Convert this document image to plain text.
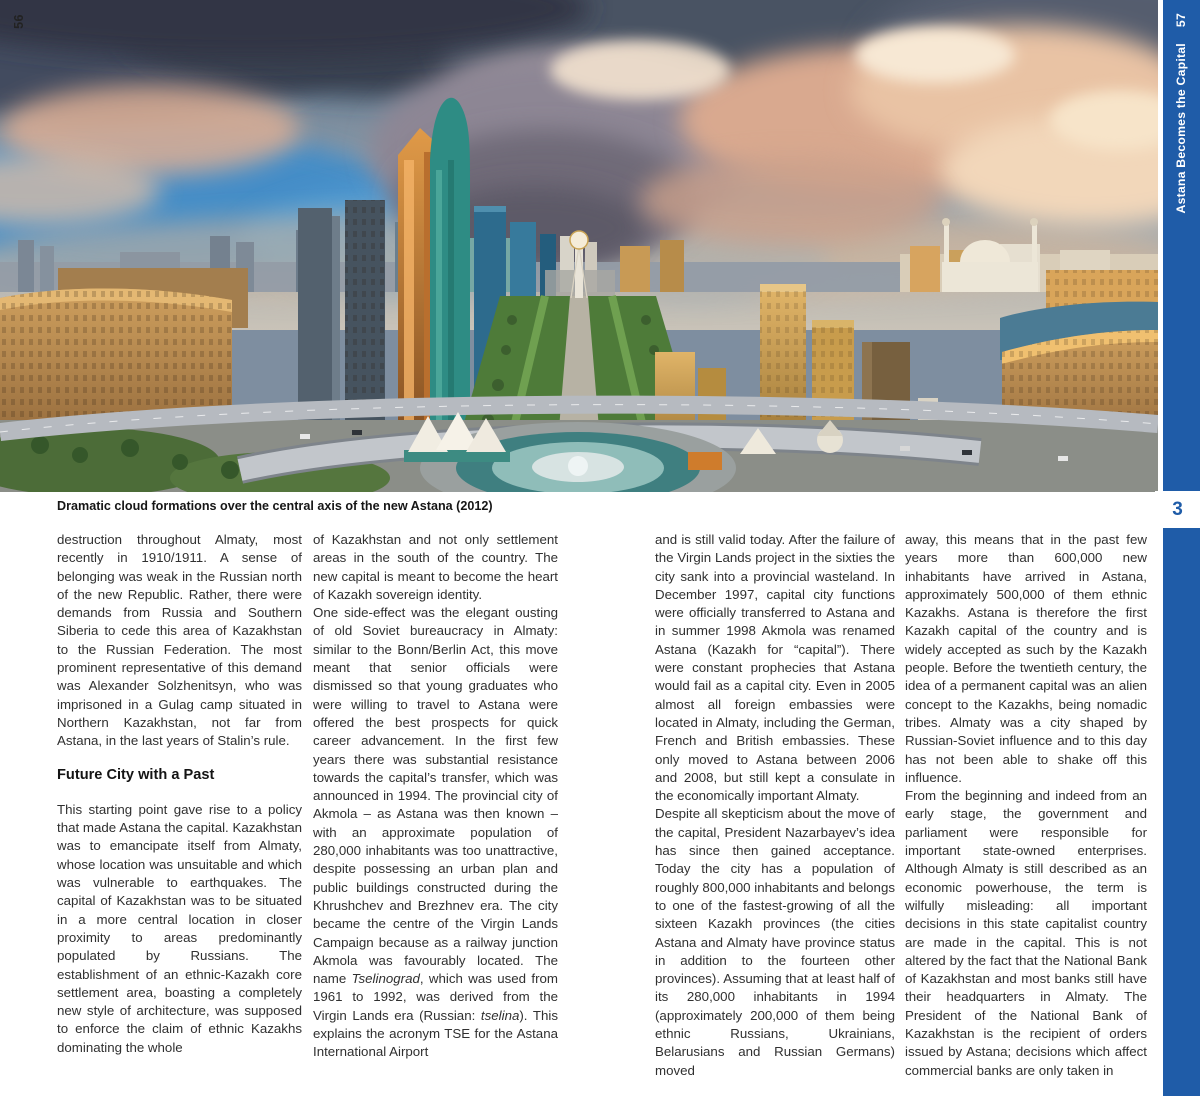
56
Dramatic cloud formations over the central axis of the new Astana (2012)

destruction throughout Almaty, most recently in 1910/1911. A sense of belonging was weak in the Russian north of the new Republic. Rather, there were demands from Russia and Southern Siberia to cede this area of Kazakhstan to the Russian Federation. The most prominent representative of this demand was Alexander Solzhenitsyn, who was imprisoned in a Gulag camp situated in Northern Kazakhstan, not far from Astana, in the last years of Stalin’s rule.

Future City with a Past

This starting point gave rise to a policy that made Astana the capital. Kazakhstan was to emancipate itself from Almaty, whose location was unsuitable and which was vulnerable to earthquakes. The capital of Kazakhstan was to be situated in a more central location in closer proximity to areas predominantly populated by Russians. The establishment of an ethnic-Kazakh core settlement area, boasting a completely new style of architecture, was supposed to enforce the claim of ethnic Kazakhs dominating the whole

of Kazakhstan and not only settlement areas in the south of the country. The new capital is meant to become the heart of Kazakh sovereign identity.

One side-effect was the elegant ousting of old Soviet bureaucracy in Almaty: similar to the Bonn/Berlin Act, this move meant that senior officials were dismissed so that young graduates who were willing to travel to Astana were offered the best prospects for quick career advancement. In the first few years there was substantial resistance towards the capital’s transfer, which was announced in 1994. The provincial city of Akmola – as Astana was then known – with an approximate population of 280,000 inhabitants was too unattractive, despite possessing an urban plan and public buildings constructed during the Khrushchev and Brezhnev era. The city became the centre of the Virgin Lands Campaign because as a railway junction Akmola was favourably located. The name Tselinograd, which was used from 1961 to 1992, was derived from the Virgin Lands era (Russian: tselina). This explains the acronym TSE for the Astana International Airport

and is still valid today. After the failure of the Virgin Lands project in the sixties the city sank into a provincial wasteland. In December 1997, capital city functions were officially transferred to Astana and in summer 1998 Akmola was renamed Astana (Kazakh for “capital”). There were constant prophecies that Astana would fail as a capital city. Even in 2005 almost all foreign embassies were located in Almaty, including the German, French and British embassies. These only moved to Astana between 2006 and 2008, but still kept a consulate in the economically important Almaty.

Despite all skepticism about the move of the capital, President Nazarbayev’s idea has since then gained acceptance. Today the city has a population of roughly 800,000 inhabitants and belongs to one of the fastest-growing of all the sixteen Kazakh provinces (the cities Astana and Almaty have province status in addition to the fourteen other provinces). Assuming that at least half of its 280,000 inhabitants in 1994 (approximately 200,000 of them being ethnic Russians, Ukrainians, Belarusians and Russian Germans) moved

away, this means that in the past few years more than 600,000 new inhabitants have arrived in Astana, approximately 500,000 of them ethnic Kazakhs. Astana is therefore the first Kazakh capital of the country and is widely accepted as such by the Kazakh people. Before the twentieth century, the idea of a permanent capital was an alien concept to the Kazakhs, being nomadic tribes. Almaty was a city shaped by Russian-Soviet influence and to this day has not been able to shake off this influence.

From the beginning and indeed from an early stage, the government and parliament were responsible for important state-owned enterprises. Although Almaty is still described as an economic powerhouse, the term is wilfully misleading: all important decisions in this state capitalist country are made in the capital. This is not altered by the fact that the National Bank of Kazakhstan and most banks still have their headquarters in Almaty. The President of the National Bank of Kazakhstan is the recipient of orders issued by Astana; decisions which affect commercial banks are only taken in

Astana Becomes the Capital57
3
